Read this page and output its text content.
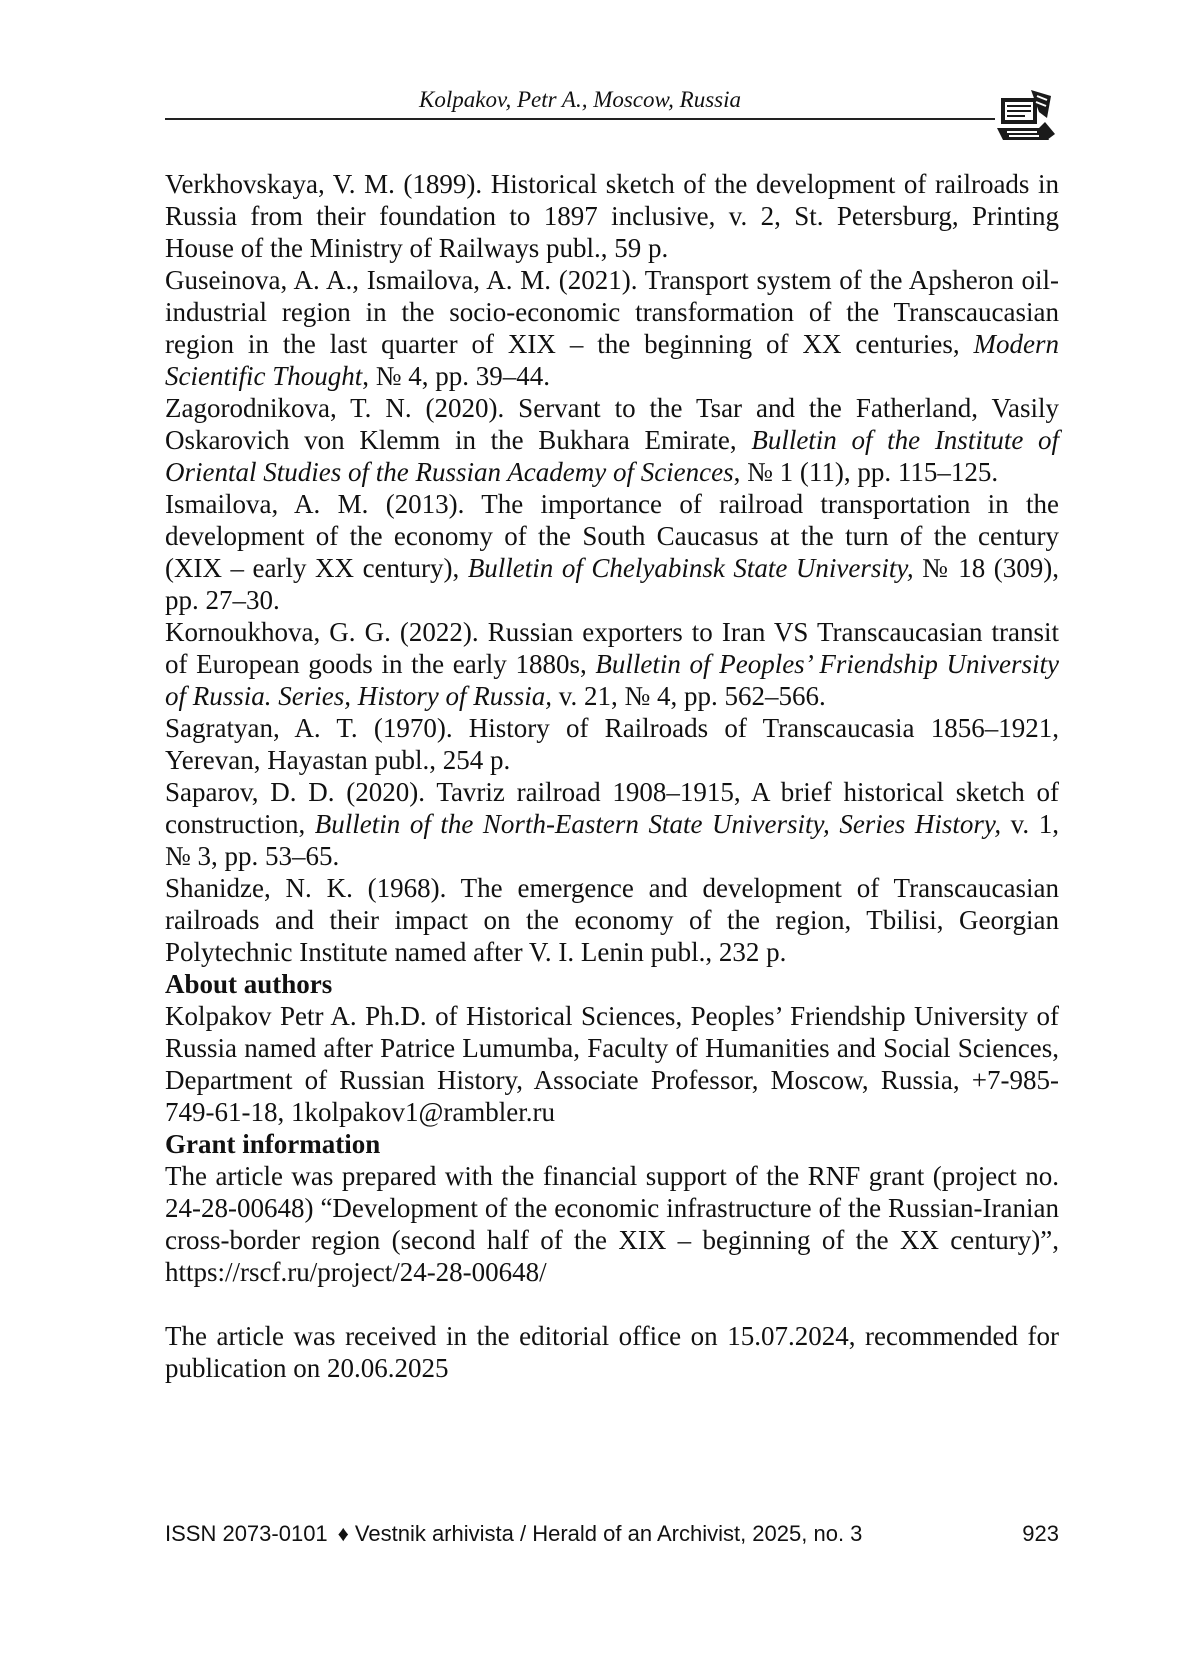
Kolpakov, Petr A., Moscow, Russia

Verkhovskaya, V. M. (1899). Historical sketch of the development of railroads in Russia from their foundation to 1897 inclusive, v. 2, St. Petersburg, Printing House of the Ministry of Railways publ., 59 p.

Guseinova, A. A., Ismailova, A. M. (2021). Transport system of the Apsheron oil-industrial region in the socio-economic transformation of the Transcaucasian region in the last quarter of XIX – the beginning of XX centuries, Modern Scientific Thought, № 4, pp. 39–44.

Zagorodnikova, T. N. (2020). Servant to the Tsar and the Fatherland, Vasily Oskarovich von Klemm in the Bukhara Emirate, Bulletin of the Institute of Oriental Studies of the Russian Academy of Sciences, № 1 (11), pp. 115–125.

Ismailova, A. M. (2013). The importance of railroad transportation in the development of the economy of the South Caucasus at the turn of the century (XIX – early XX century), Bulletin of Chelyabinsk State University, № 18 (309), pp. 27–30.

Kornoukhova, G. G. (2022). Russian exporters to Iran VS Transcaucasian transit of European goods in the early 1880s, Bulletin of Peoples’ Friendship University of Russia. Series, History of Russia, v. 21, № 4, pp. 562–566.

Sagratyan, A. T. (1970). History of Railroads of Transcaucasia 1856–1921, Yerevan, Hayastan publ., 254 p.

Saparov, D. D. (2020). Tavriz railroad 1908–1915, A brief historical sketch of construction, Bulletin of the North-Eastern State University, Series History, v. 1, № 3, pp. 53–65.

Shanidze, N. K. (1968). The emergence and development of Transcaucasian railroads and their impact on the economy of the region, Tbilisi, Georgian Polytechnic Institute named after V. I. Lenin publ., 232 p.

About authors

Kolpakov Petr A. Ph.D. of Historical Sciences, Peoples’ Friendship University of Russia named after Patrice Lumumba, Faculty of Humanities and Social Sciences, Department of Russian History, Associate Professor, Moscow, Russia, +7-985-749-61-18, 1kolpakov1@rambler.ru

Grant information

The article was prepared with the financial support of the RNF grant (project no. 24-28-00648) “Development of the economic infrastructure of the Russian-Iranian cross-border region (second half of the XIX – beginning of the XX century)”, https://rscf.ru/project/24-28-00648/

The article was received in the editorial office on 15.07.2024, recommended for publication on 20.06.2025

ISSN 2073-0101 ♦ Vestnik arhivista / Herald of an Archivist, 2025, no. 3	923
